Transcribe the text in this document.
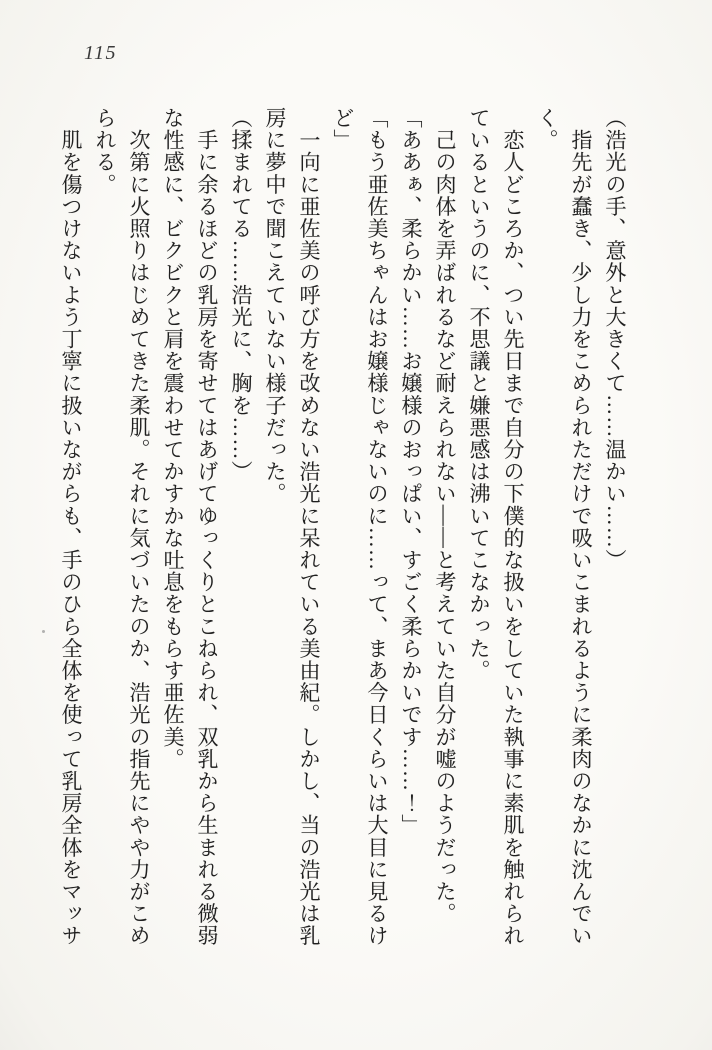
115

（浩光の手、意外と大きくて……温かい……）

　指先が蠢き、少し力をこめられただけで吸いこまれるように柔肉のなかに沈んでい

く。

　恋人どころか、つい先日まで自分の下僕的な扱いをしていた執事に素肌を触れられ

ているというのに、不思議と嫌悪感は沸いてこなかった。

　己の肉体を弄ばれるなど耐えられない――と考えていた自分が嘘のようだった。

「ああぁ、柔らかい……お嬢様のおっぱい、すごく柔らかいです……！」

「もう亜佐美ちゃんはお嬢様じゃないのに……って、まあ今日くらいは大目に見るけ

ど」

　一向に亜佐美の呼び方を改めない浩光に呆れている美由紀。しかし、当の浩光は乳

房に夢中で聞こえていない様子だった。

（揉まれてる……浩光に、胸を……）

　手に余るほどの乳房を寄せてはあげてゆっくりとこねられ、双乳から生まれる微弱

な性感に、ビクビクと肩を震わせてかすかな吐息をもらす亜佐美。

　次第に火照りはじめてきた柔肌。それに気づいたのか、浩光の指先にやや力がこめ

られる。

　肌を傷つけないよう丁寧に扱いながらも、手のひら全体を使って乳房全体をマッサ
